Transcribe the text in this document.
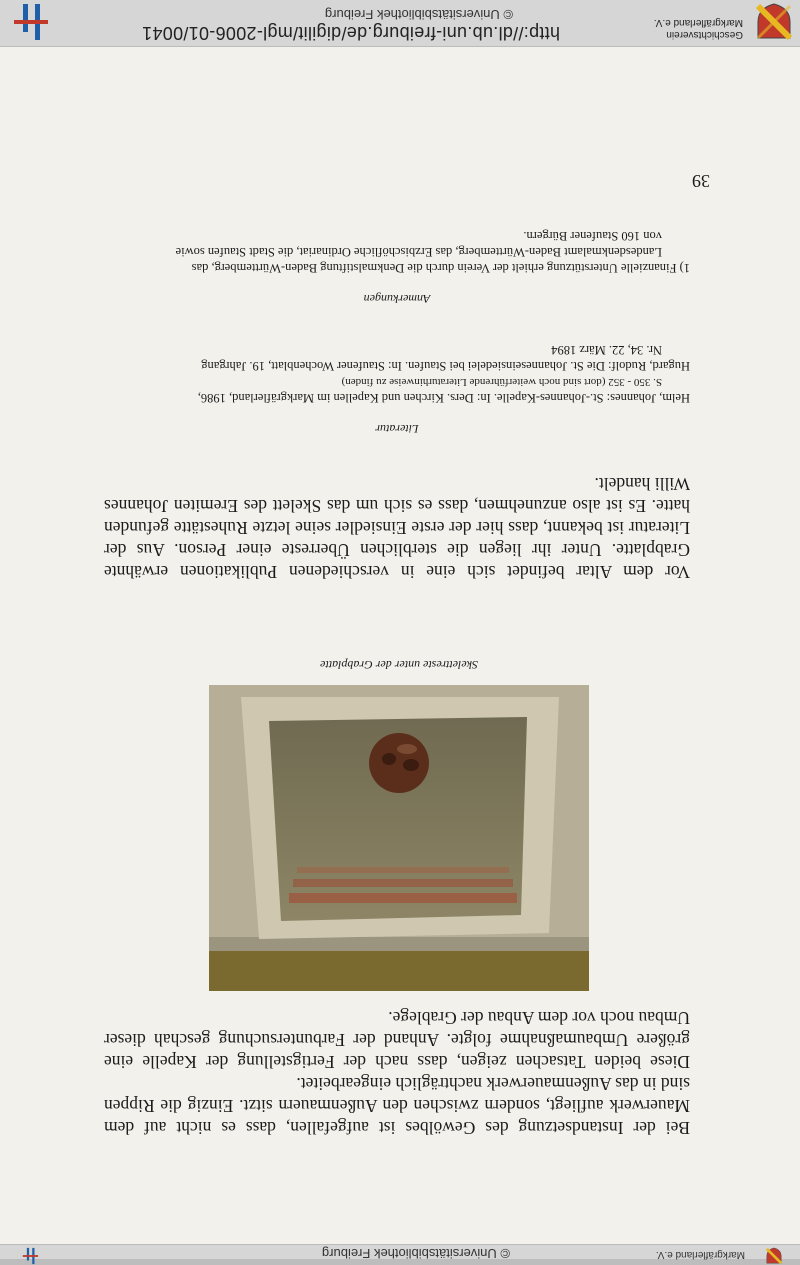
Markgräflerland e.V.
© Universitätsbibliothek Freiburg

Bei der Instandsetzung des Gewölbes ist aufgefallen, dass es nicht auf dem Mauerwerk aufliegt, sondern zwischen den Außenmauern sitzt. Einzig die Rippen sind in das Außenmauerwerk nachträglich eingearbeitet.

Diese beiden Tatsachen zeigen, dass nach der Fertigstellung der Kapelle eine größere Umbaumaßnahme folgte. Anhand der Farbuntersuchung geschah dieser Umbau noch vor dem Anbau der Grablege.

Skelettreste unter der Grabplatte

Vor dem Altar befindet sich eine in verschiedenen Publikationen erwähnte Grabplatte. Unter ihr liegen die sterblichen Überreste einer Person. Aus der Literatur ist bekannt, dass hier der erste Einsiedler seine letzte Ruhestätte gefunden hatte. Es ist also anzunehmen, dass es sich um das Skelett des Eremiten Johannes Willi handelt.

Literatur
Helm, Johannes: St.-Johannes-Kapelle. In: Ders. Kirchen und Kapellen im Markgräflerland, 1986,
S. 350 - 352 (dort sind noch weiterführende Literaturhinweise zu finden)
Hugard, Rudolf: Die St. Johanneseinsiedelei bei Staufen. In: Staufener Wochenblatt, 19. Jahrgang
Nr. 34, 22. März 1894
Anmerkungen
1) Finanzielle Unterstützung erhielt der Verein durch die Denkmalstiftung Baden-Württemberg, das
Landesdenkmalamt Baden-Württemberg, das Erzbischöfliche Ordinariat, die Stadt Staufen sowie
von 160 Staufener Bürgern.
39
Geschichtsverein
Markgräflerland e.V.
http://dl.ub.uni-freiburg.de/digilit/mgl-2006-01/0041
© Universitätsbibliothek Freiburg
